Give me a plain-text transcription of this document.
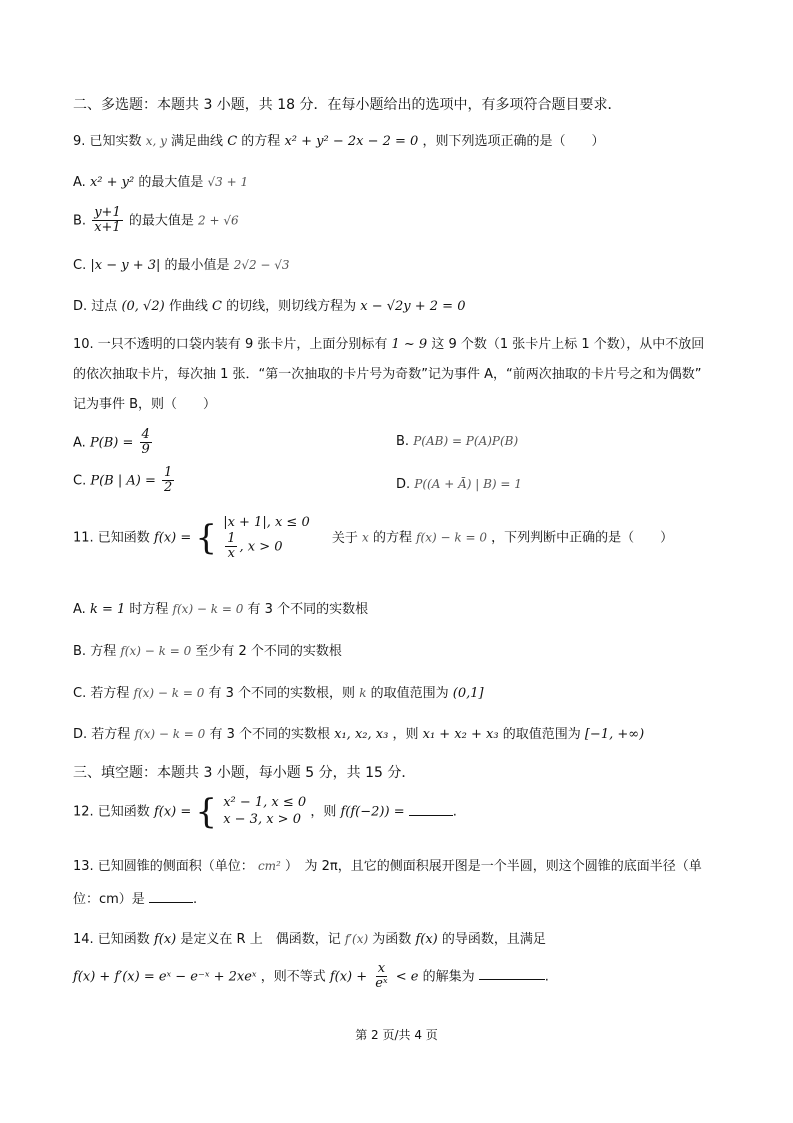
二、多选题：本题共 3 小题，共 18 分．在每小题给出的选项中，有多项符合题目要求．
9. 已知实数 x, y 满足曲线 C 的方程 x² + y² − 2x − 2 = 0 ，则下列选项正确的是（　　）
A. x² + y² 的最大值是 √3 + 1
B. $\frac{y+1}{x+1}$ 的最大值是 2 + √6
C. |x − y + 3| 的最小值是 2√2 − √3
D. 过点 (0, √2) 作曲线 C 的切线，则切线方程为 x − √2y + 2 = 0
10. 一只不透明的口袋内装有 9 张卡片，上面分别标有 1 ~ 9 这 9 个数（1 张卡片上标 1 个数），从中不放回
的依次抽取卡片，每次抽 1 张．“第一次抽取的卡片号为奇数”记为事件 A，“前两次抽取的卡片号之和为偶数”
记为事件 B，则（　　）
A. $P(B) = \frac{4}{9}$	B. P(AB) = P(A)P(B)
C. P(B | $A) = \frac{1}{2}$	D. P((A + Ā) | B) = 1
11. 已知函数 f(x) = { |x + 1|, x ≤ 0
$\frac{1}{x}$ , x > 0
关于 x 的方程 f(x) − k = 0 ，下列判断中正确的是（　　）
A. k = 1 时方程 f(x) − k = 0 有 3 个不同的实数根
B. 方程 f(x) − k = 0 至少有 2 个不同的实数根
C. 若方程 f(x) − k = 0 有 3 个不同的实数根，则 k 的取值范围为 (0,1]
D. 若方程 f(x) − k = 0 有 3 个不同的实数根 x₁, x₂, x₃ ，则 x₁ + x₂ + x₃ 的取值范围为 [−1, +∞)
三、填空题：本题共 3 小题，每小题 5 分，共 15 分．
12. 已知函数 f(x) = { x² − 1, x ≤ 0
x − 3, x > 0 ，则 f(f(−2)) =	.
13. 已知圆锥的侧面积（单位： cm² ）　为 2π，且它的侧面积展开图是一个半圆，则这个圆锥的底面半径（单
位：cm）是	.
14. 已知函数 f(x) 是定义在 R 上　偶函数，记 f′(x) 为函数 f(x) 的导函数，且满足
f(x) + f′(x) = eˣ − e⁻ˣ + 2xeˣ ，则不等式 $f(x) + \frac{x}{\text{eˣ}} < e$ 的解集为	.
第 2 页/共 4 页
